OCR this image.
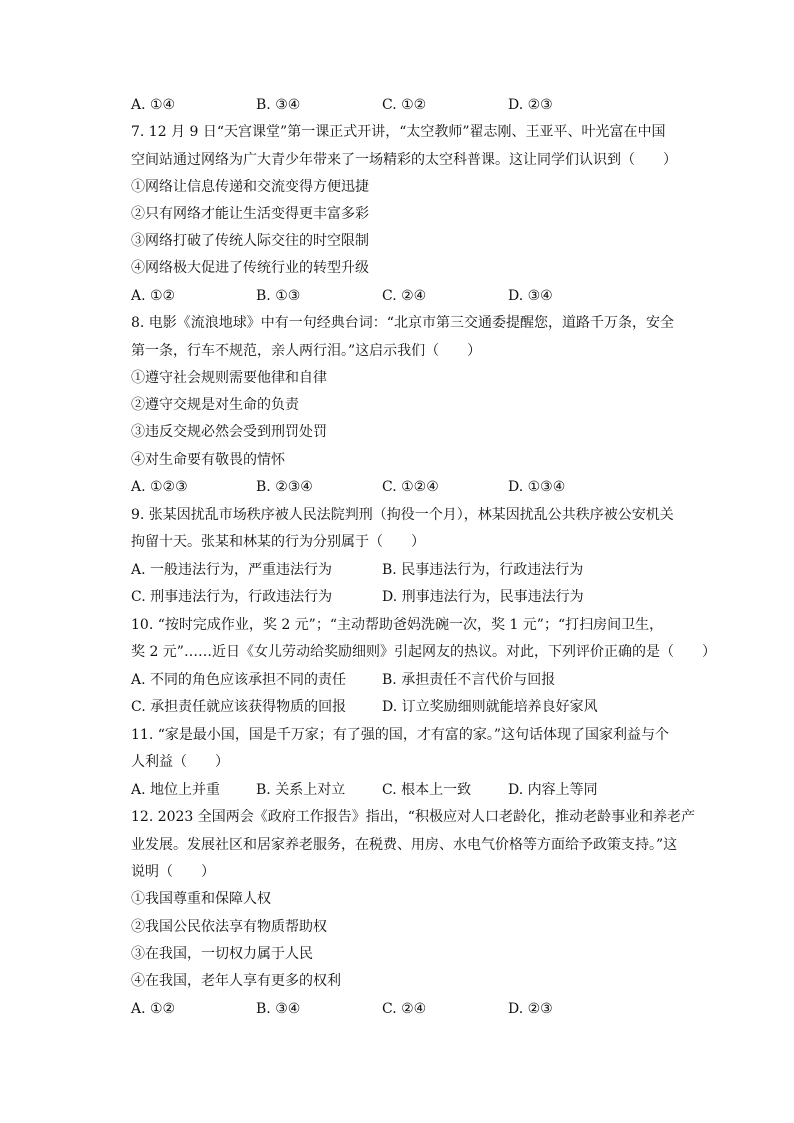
A. ①④	B. ③④	C. ①②	D. ②③
7. 12 月 9 日“天宫课堂”第一课正式开讲，“太空教师”翟志刚、王亚平、叶光富在中国
空间站通过网络为广大青少年带来了一场精彩的太空科普课。这让同学们认识到（　　）
①网络让信息传递和交流变得方便迅捷
②只有网络才能让生活变得更丰富多彩
③网络打破了传统人际交往的时空限制
④网络极大促进了传统行业的转型升级
A. ①②	B. ①③	C. ②④	D. ③④
8. 电影《流浪地球》中有一句经典台词：“北京市第三交通委提醒您，道路千万条，安全
第一条，行车不规范，亲人两行泪。”这启示我们（　　）
①遵守社会规则需要他律和自律
②遵守交规是对生命的负责
③违反交规必然会受到刑罚处罚
④对生命要有敬畏的情怀
A. ①②③	B. ②③④	C. ①②④	D. ①③④
9. 张某因扰乱市场秩序被人民法院判刑（拘役一个月），林某因扰乱公共秩序被公安机关
拘留十天。张某和林某的行为分别属于（　　）
A. 一般违法行为，严重违法行为	B. 民事违法行为，行政违法行为
C. 刑事违法行为，行政违法行为	D. 刑事违法行为，民事违法行为
10. “按时完成作业，奖 2 元”；“主动帮助爸妈洗碗一次，奖 1 元”；“打扫房间卫生，
奖 2 元”……近日《女儿劳动给奖励细则》引起网友的热议。对此，下列评价正确的是（　　）
A. 不同的角色应该承担不同的责任	B. 承担责任不言代价与回报
C. 承担责任就应该获得物质的回报	D. 订立奖励细则就能培养良好家风
11. “家是最小国，国是千万家；有了强的国，才有富的家。”这句话体现了国家利益与个
人利益（　　）
A. 地位上并重	B. 关系上对立	C. 根本上一致	D. 内容上等同
12. 2023 全国两会《政府工作报告》指出，“积极应对人口老龄化，推动老龄事业和养老产
业发展。发展社区和居家养老服务，在税费、用房、水电气价格等方面给予政策支持。”这
说明（　　）
①我国尊重和保障人权
②我国公民依法享有物质帮助权
③在我国，一切权力属于人民
④在我国，老年人享有更多的权利
A. ①②	B. ③④	C. ②④	D. ②③
